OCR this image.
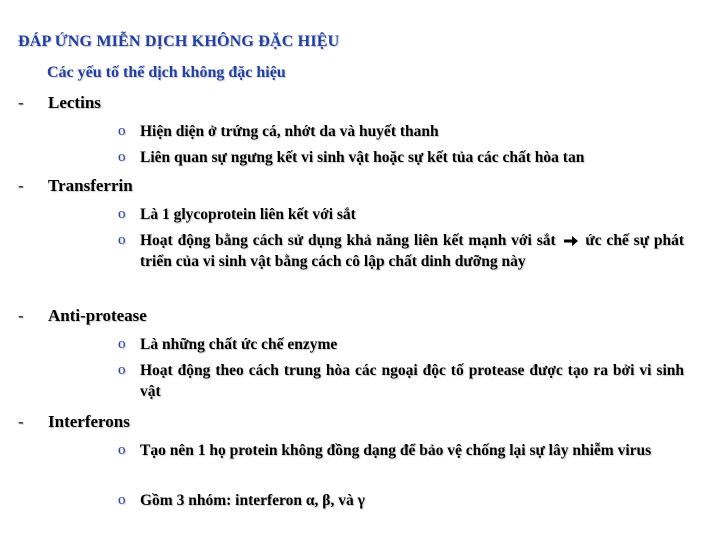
ĐÁP ỨNG MIỄN DỊCH KHÔNG ĐẶC HIỆU
Các yếu tố thể dịch không đặc hiệu
- Lectins
o Hiện diện ở trứng cá, nhớt da và huyết thanh
o Liên quan sự ngưng kết vi sinh vật hoặc sự kết tủa các chất hòa tan
- Transferrin
o Là 1 glycoprotein liên kết với sắt
o Hoạt động bằng cách sử dụng khả năng liên kết mạnh với sắt ức chế sự phát triển của vi sinh vật bằng cách cô lập chất dinh dưỡng này
- Anti-protease
o Là những chất ức chế enzyme
o Hoạt động theo cách trung hòa các ngoại độc tố protease được tạo ra bởi vi sinh vật
- Interferons
o Tạo nên 1 họ protein không đồng dạng để bảo vệ chống lại sự lây nhiễm virus
o Gồm 3 nhóm: interferon α, β, và γ
